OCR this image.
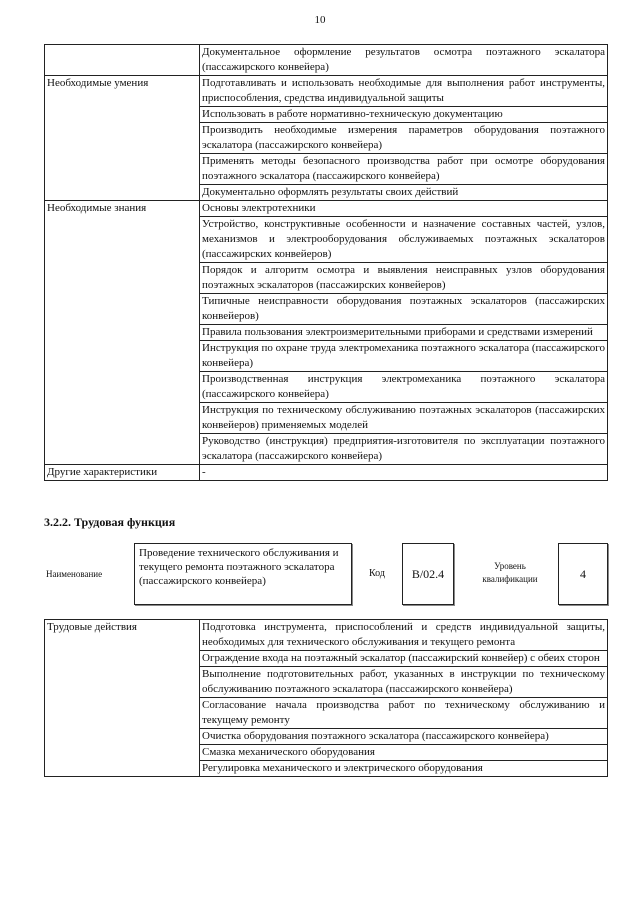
10
	Документальное оформление результатов осмотра поэтажного эскалатора (пассажирского конвейера)
Необходимые умения	Подготавливать и использовать необходимые для выполнения работ инструменты, приспособления, средства индивидуальной защиты
	Использовать в работе нормативно-техническую документацию
	Производить необходимые измерения параметров оборудования поэтажного эскалатора (пассажирского конвейера)
	Применять методы безопасного производства работ при осмотре оборудования поэтажного эскалатора (пассажирского конвейера)
	Документально оформлять результаты своих действий
Необходимые знания	Основы электротехники
	Устройство, конструктивные особенности и назначение составных частей, узлов, механизмов и электрооборудования обслуживаемых поэтажных эскалаторов (пассажирских конвейеров)
	Порядок и алгоритм осмотра и выявления неисправных узлов оборудования поэтажных эскалаторов (пассажирских конвейеров)
	Типичные неисправности оборудования поэтажных эскалаторов (пассажирских конвейеров)
	Правила пользования электроизмерительными приборами и средствами измерений
	Инструкция по охране труда электромеханика поэтажного эскалатора (пассажирского конвейера)
	Производственная инструкция электромеханика поэтажного эскалатора (пассажирского конвейера)
	Инструкция по техническому обслуживанию поэтажных эскалаторов (пассажирских конвейеров) применяемых моделей
	Руководство (инструкция) предприятия-изготовителя по эксплуатации поэтажного эскалатора (пассажирского конвейера)
Другие характеристики	-
3.2.2. Трудовая функция
Наименование
Проведение технического обслуживания и текущего ремонта поэтажного эскалатора (пассажирского конвейера)
Код B/02.4
Уровень квалификации	4
Трудовые действия	Подготовка инструмента, приспособлений и средств индивидуальной защиты, необходимых для технического обслуживания и текущего ремонта
Ограждение входа на поэтажный эскалатор (пассажирский конвейер) с обеих сторон
Выполнение подготовительных работ, указанных в инструкции по техническому обслуживанию поэтажного эскалатора (пассажирского конвейера)
Согласование начала производства работ по техническому обслуживанию и текущему ремонту
Очистка оборудования поэтажного эскалатора (пассажирского конвейера)
Смазка механического оборудования
Регулировка механического и электрического оборудования
